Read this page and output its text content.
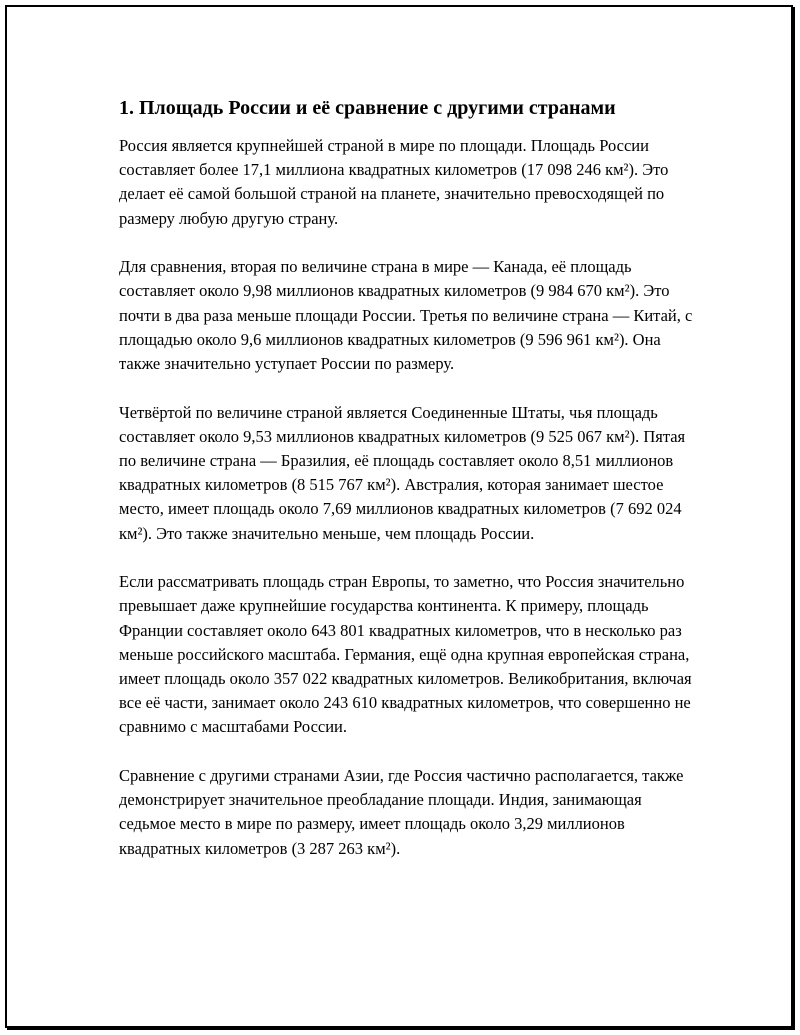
1. Площадь России и её сравнение с другими странами

Россия является крупнейшей страной в мире по площади. Площадь России составляет более 17,1 миллиона квадратных километров (17 098 246 км²). Это делает её самой большой страной на планете, значительно превосходящей по размеру любую другую страну.

Для сравнения, вторая по величине страна в мире — Канада, её площадь составляет около 9,98 миллионов квадратных километров (9 984 670 км²). Это почти в два раза меньше площади России. Третья по величине страна — Китай, с площадью около 9,6 миллионов квадратных километров (9 596 961 км²). Она также значительно уступает России по размеру.

Четвёртой по величине страной является Соединенные Штаты, чья площадь составляет около 9,53 миллионов квадратных километров (9 525 067 км²). Пятая по величине страна — Бразилия, её площадь составляет около 8,51 миллионов квадратных километров (8 515 767 км²). Австралия, которая занимает шестое место, имеет площадь около 7,69 миллионов квадратных километров (7 692 024 км²). Это также значительно меньше, чем площадь России.

Если рассматривать площадь стран Европы, то заметно, что Россия значительно превышает даже крупнейшие государства континента. К примеру, площадь Франции составляет около 643 801 квадратных километров, что в несколько раз меньше российского масштаба. Германия, ещё одна крупная европейская страна, имеет площадь около 357 022 квадратных километров. Великобритания, включая все её части, занимает около 243 610 квадратных километров, что совершенно не сравнимо с масштабами России.

Сравнение с другими странами Азии, где Россия частично располагается, также демонстрирует значительное преобладание площади. Индия, занимающая седьмое место в мире по размеру, имеет площадь около 3,29 миллионов квадратных километров (3 287 263 км²).
